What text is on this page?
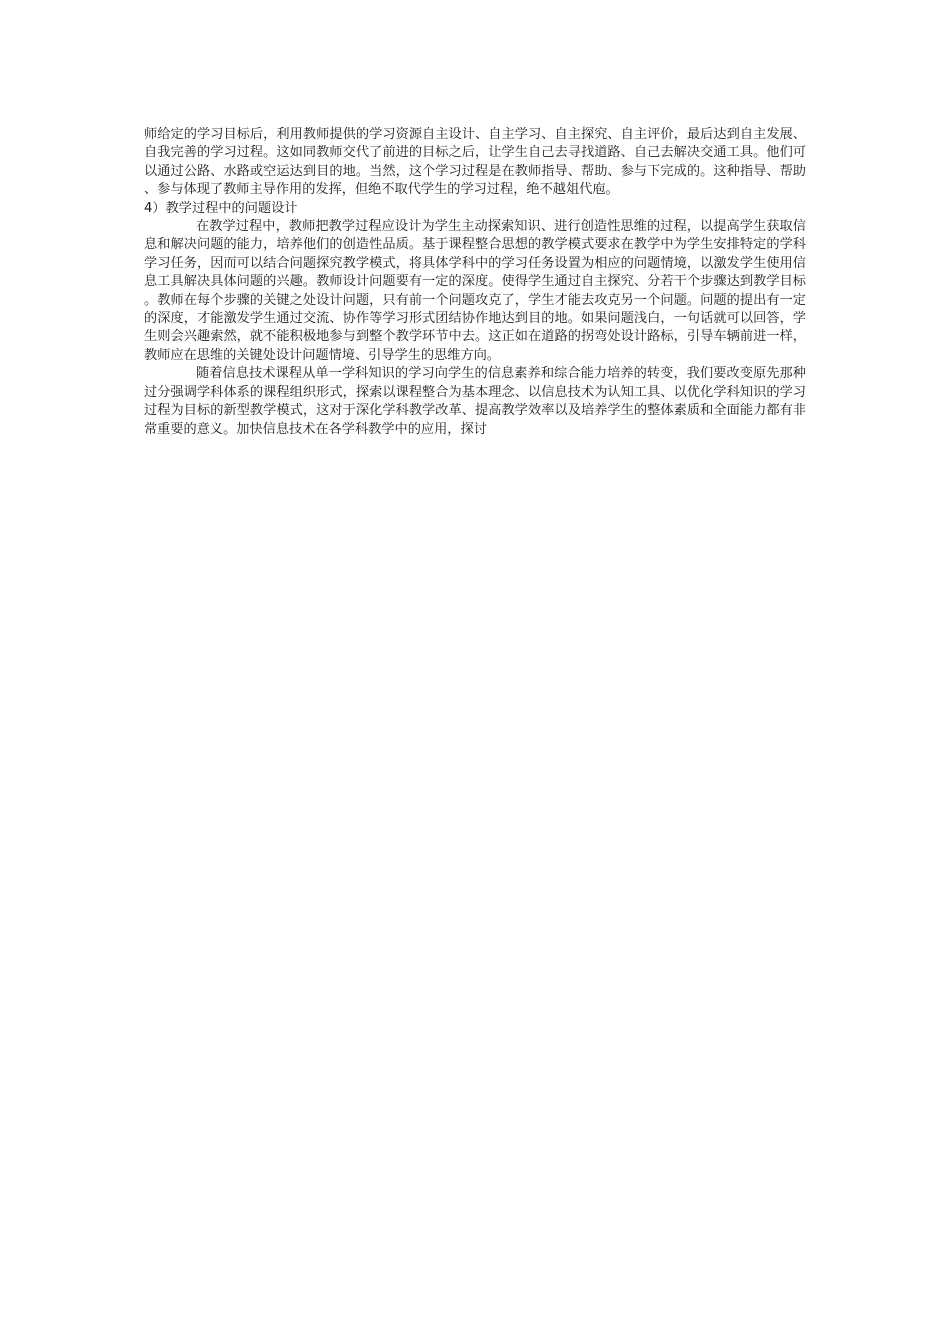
师给定的学习目标后，利用教师提供的学习资源自主设计、自主学习、自主探究、自主评价，最后达到自主发展、自我完善的学习过程。这如同教师交代了前进的目标之后，让学生自己去寻找道路、自己去解决交通工具。他们可以通过公路、水路或空运达到目的地。当然，这个学习过程是在教师指导、帮助、参与下完成的。这种指导、帮助、参与体现了教师主导作用的发挥，但绝不取代学生的学习过程，绝不越俎代庖。

4）教学过程中的问题设计

在教学过程中，教师把教学过程应设计为学生主动探索知识、进行创造性思维的过程，以提高学生获取信息和解决问题的能力，培养他们的创造性品质。基于课程整合思想的教学模式要求在教学中为学生安排特定的学科学习任务，因而可以结合问题探究教学模式，将具体学科中的学习任务设置为相应的问题情境，以激发学生使用信息工具解决具体问题的兴趣。教师设计问题要有一定的深度。使得学生通过自主探究、分若干个步骤达到教学目标。教师在每个步骤的关键之处设计问题，只有前一个问题攻克了，学生才能去攻克另一个问题。问题的提出有一定的深度，才能激发学生通过交流、协作等学习形式团结协作地达到目的地。如果问题浅白，一句话就可以回答，学生则会兴趣索然，就不能积极地参与到整个教学环节中去。这正如在道路的拐弯处设计路标，引导车辆前进一样，教师应在思维的关键处设计问题情境、引导学生的思维方向。

随着信息技术课程从单一学科知识的学习向学生的信息素养和综合能力培养的转变，我们要改变原先那种过分强调学科体系的课程组织形式，探索以课程整合为基本理念、以信息技术为认知工具、以优化学科知识的学习过程为目标的新型教学模式，这对于深化学科教学改革、提高教学效率以及培养学生的整体素质和全面能力都有非常重要的意义。加快信息技术在各学科教学中的应用，探讨
